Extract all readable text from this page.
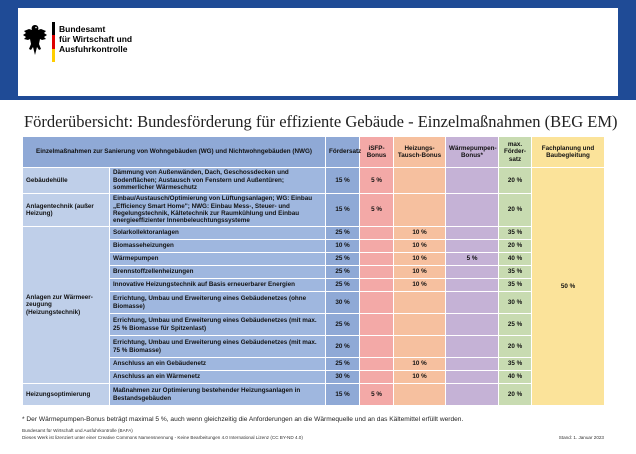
Bundesamt
für Wirtschaft und
Ausfuhrkontrolle
Förderübersicht: Bundesförderung für effiziente Gebäude - Einzelmaßnahmen (BEG EM)
Einzelmaßnahmen zur Sanierung von Wohngebäuden (WG) und Nichtwohngebäuden (NWG)		Fördersatz	iSFP-Bonus	Heizungs-Tausch-Bonus	Wärmepumpen-Bonus*	max. Förder-satz	Fachplanung und Baubegleitung
Gebäudehülle	Dämmung von Außenwänden, Dach, Geschossdecken und Bodenflächen; Austausch von Fenstern und Außentüren; sommerlicher Wärmeschutz	15 %	5 %			20 %	50 %
Anlagentechnik (außer Heizung)	Einbau/Austausch/Optimierung von Lüftungsanlagen; WG: Einbau „Efficiency Smart Home"; NWG: Einbau Mess-, Steuer- und Regelungstechnik, Kältetechnik zur Raumkühlung und Einbau energieeffizienter Innenbeleuchtungssysteme	15 %	5 %			20 %	
Anlagen zur Wärmeer-zeugung (Heizungstechnik)	Solarkollektoranlagen	25 %		10 %		35 %	
	Biomasseheizungen	10 %		10 %		20 %	
	Wärmepumpen	25 %		10 %	5 %	40 %	
	Brennstoffzellenheizungen	25 %		10 %		35 %	
	Innovative Heizungstechnik auf Basis erneuerbarer Energien	25 %		10 %		35 %	
	Errichtung, Umbau und Erweiterung eines Gebäudenetzes (ohne Biomasse)	30 %				30 %	
	Errichtung, Umbau und Erweiterung eines Gebäudenetzes (mit max. 25 % Biomasse für Spitzenlast)	25 %				25 %	
	Errichtung, Umbau und Erweiterung eines Gebäudenetzes (mit max. 75 % Biomasse)	20 %				20 %	
	Anschluss an ein Gebäudenetz	25 %		10 %		35 %	
	Anschluss an ein Wärmenetz	30 %		10 %		40 %	
Heizungsoptimierung	Maßnahmen zur Optimierung bestehender Heizungsanlagen in Bestandsgebäuden	15 %	5 %			20 %	
* Der Wärmepumpen-Bonus beträgt maximal 5 %, auch wenn gleichzeitig die Anforderungen an die Wärmequelle und an das Kältemittel erfüllt werden.
Bundesamt für Wirtschaft und Ausfuhrkontrolle (BAFA)
Dieses Werk ist lizenziert unter einer Creative Commons Namensnennung - Keine Bearbeitungen 4.0 International Lizenz (CC BY-ND 4.0)	Stand: 1. Januar 2023
